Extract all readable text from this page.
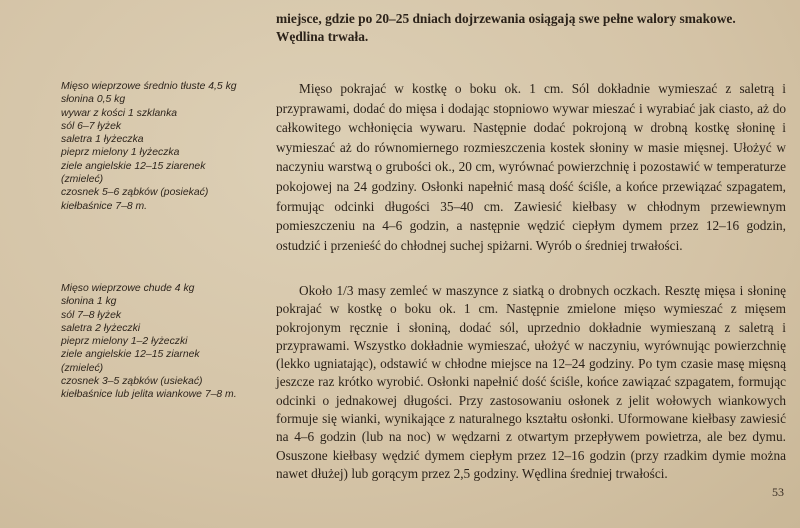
miejsce, gdzie po 20–25 dniach dojrzewania osiągają swe pełne walory smakowe.
Wędlina trwała.
Mięso wieprzowe średnio tłuste 4,5 kg
słonina 0,5 kg
wywar z kości 1 szklanka
sól 6–7 łyżek
saletra 1 łyżeczka
pieprz mielony 1 łyżeczka
ziele angielskie 12–15 ziarenek
(zmieleć)
czosnek 5–6 ząbków (posiekać)
kiełbaśnice 7–8 m.

Mięso pokrajać w kostkę o boku ok. 1 cm. Sól dokładnie wymieszać z saletrą i przyprawami, dodać do mięsa i dodając stopniowo wywar mieszać i wyrabiać jak ciasto, aż do całkowitego wchłonięcia wywaru. Następnie dodać pokrojoną w drobną kostkę słoninę i wymieszać aż do równomiernego rozmieszczenia kostek słoniny w masie mięsnej. Ułożyć w naczyniu warstwą o grubości ok., 20 cm, wyrównać powierzchnię i pozostawić w temperaturze pokojowej na 24 godziny. Osłonki napełnić masą dość ściśle, a końce przewiązać szpagatem, formując odcinki długości 35–40 cm. Zawiesić kiełbasy w chłodnym przewiewnym pomieszczeniu na 4–6 godzin, a następnie wędzić ciepłym dymem przez 12–16 godzin, ostudzić i przenieść do chłodnej suchej spiżarni. Wyrób o średniej trwałości.

Mięso wieprzowe chude 4 kg
słonina 1 kg
sól 7–8 łyżek
saletra 2 łyżeczki
pieprz mielony 1–2 łyżeczki
ziele angielskie 12–15 ziarnek
(zmieleć)
czosnek 3–5 ząbków (usiekać)
kiełbaśnice lub jelita wiankowe 7–8 m.

Około 1/3 masy zemleć w maszynce z siatką o drobnych oczkach. Resztę mięsa i słoninę pokrajać w kostkę o boku ok. 1 cm. Następnie zmielone mięso wymieszać z mięsem pokrojonym ręcznie i słoniną, dodać sól, uprzednio dokładnie wymieszaną z saletrą i przyprawami. Wszystko dokładnie wymieszać, ułożyć w naczyniu, wyrównując powierzchnię (lekko ugniatając), odstawić w chłodne miejsce na 12–24 godziny. Po tym czasie masę mięsną jeszcze raz krótko wyrobić. Osłonki napełnić dość ściśle, końce zawiązać szpagatem, formując odcinki o jednakowej długości. Przy zastosowaniu osłonek z jelit wołowych wiankowych formuje się wianki, wynikające z naturalnego kształtu osłonki. Uformowane kiełbasy zawiesić na 4–6 godzin (lub na noc) w wędzarni z otwartym przepływem powietrza, ale bez dymu. Osuszone kiełbasy wędzić dymem ciepłym przez 12–16 godzin (przy rzadkim dymie można nawet dłużej) lub gorącym przez 2,5 godziny. Wędlina średniej trwałości.

53
